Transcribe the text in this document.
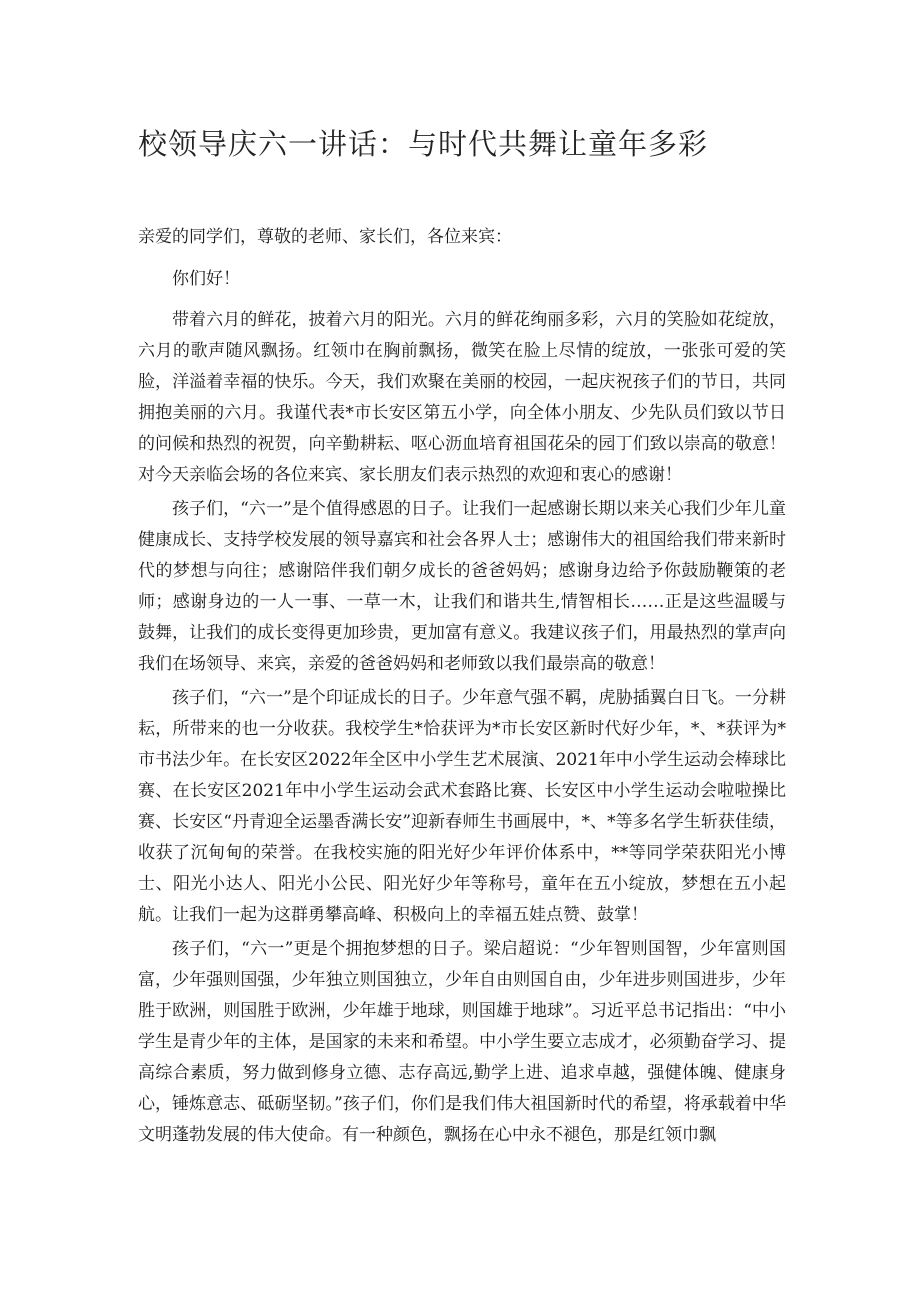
校领导庆六一讲话：与时代共舞让童年多彩

亲爱的同学们，尊敬的老师、家长们，各位来宾：

你们好！

带着六月的鲜花，披着六月的阳光。六月的鲜花绚丽多彩，六月的笑脸如花绽放，六月的歌声随风飘扬。红领巾在胸前飘扬，微笑在脸上尽情的绽放，一张张可爱的笑脸，洋溢着幸福的快乐。今天，我们欢聚在美丽的校园，一起庆祝孩子们的节日，共同拥抱美丽的六月。我谨代表*市长安区第五小学，向全体小朋友、少先队员们致以节日的问候和热烈的祝贺，向辛勤耕耘、呕心沥血培育祖国花朵的园丁们致以崇高的敬意！对今天亲临会场的各位来宾、家长朋友们表示热烈的欢迎和衷心的感谢！

孩子们，“六一”是个值得感恩的日子。让我们一起感谢长期以来关心我们少年儿童健康成长、支持学校发展的领导嘉宾和社会各界人士；感谢伟大的祖国给我们带来新时代的梦想与向往；感谢陪伴我们朝夕成长的爸爸妈妈；感谢身边给予你鼓励鞭策的老师；感谢身边的一人一事、一草一木，让我们和谐共生,情智相长……正是这些温暖与鼓舞，让我们的成长变得更加珍贵，更加富有意义。我建议孩子们，用最热烈的掌声向我们在场领导、来宾，亲爱的爸爸妈妈和老师致以我们最崇高的敬意！

孩子们，“六一”是个印证成长的日子。少年意气强不羁，虎胁插翼白日飞。一分耕耘，所带来的也一分收获。我校学生*恰获评为*市长安区新时代好少年，*、*获评为*市书法少年。在长安区2022年全区中小学生艺术展演、2021年中小学生运动会棒球比赛、在长安区2021年中小学生运动会武术套路比赛、长安区中小学生运动会啦啦操比赛、长安区“丹青迎全运墨香满长安”迎新春师生书画展中，*、*等多名学生斩获佳绩，收获了沉甸甸的荣誉。在我校实施的阳光好少年评价体系中，**等同学荣获阳光小博士、阳光小达人、阳光小公民、阳光好少年等称号，童年在五小绽放，梦想在五小起航。让我们一起为这群勇攀高峰、积极向上的幸福五娃点赞、鼓掌！

孩子们，“六一”更是个拥抱梦想的日子。梁启超说：“少年智则国智，少年富则国富，少年强则国强，少年独立则国独立，少年自由则国自由，少年进步则国进步，少年胜于欧洲，则国胜于欧洲，少年雄于地球，则国雄于地球”。习近平总书记指出：“中小学生是青少年的主体，是国家的未来和希望。中小学生要立志成才，必须勤奋学习、提高综合素质，努力做到修身立德、志存高远,勤学上进、追求卓越，强健体魄、健康身心，锤炼意志、砥砺坚韧。”孩子们，你们是我们伟大祖国新时代的希望，将承载着中华文明蓬勃发展的伟大使命。有一种颜色，飘扬在心中永不褪色，那是红领巾飘
